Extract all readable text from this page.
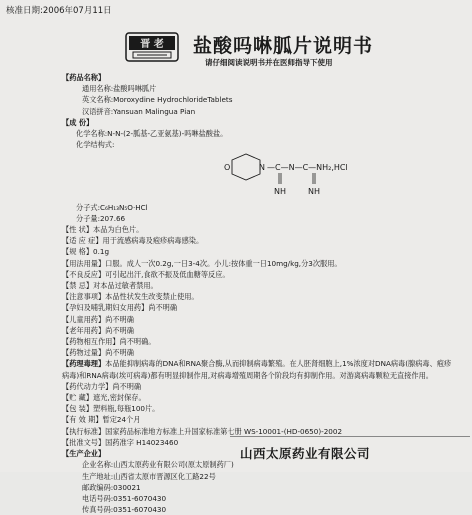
核准日期:2006年07月11日
晋 老 盐酸吗啉胍片说明书
请仔细阅读说明书并在医师指导下使用
【药品名称】
通用名称:盐酸吗啉胍片
英文名称:Moroxydine HydrochlorideTablets
汉语拼音:Yansuan Malingua Pian
【成 份】
化学名称:N-N-(2-胍基-乙亚氨基)-吗啉盐酸盐。
化学结构式:
O	N —C—N—C—NH₂,HCl
NH	NH
分子式:C₆H₁₃N₅O·HCl
分子量:207.66
【性 状】本品为白色片。
【适 应 症】用于流感病毒及疱疹病毒感染。
【规 格】0.1g
【用法用量】口服。成人一次0.2g,一日3-4次。小儿:按体重一日10mg/kg,分3次服用。
【不良反应】可引起出汗,食欲不振及低血糖等反应。
【禁 忌】对本品过敏者禁用。
【注意事项】本品性状发生改变禁止使用。
【孕妇及哺乳期妇女用药】尚不明确
【儿童用药】尚不明确
【老年用药】尚不明确
【药物相互作用】尚不明确。
【药物过量】尚不明确
【药理毒理】本品能抑制病毒的DNA和RNA聚合酶,从而抑制病毒繁殖。在人胚肾细胞上,1%浓度对DNA病毒(腺病毒、疱疹病毒)和RNA病毒(埃可病毒)都有明显抑制作用,对病毒增殖周期各个阶段均有抑制作用。对游离病毒颗粒无直接作用。
【药代动力学】尚不明确
【贮 藏】遮光,密封保存。
【包 装】塑料瓶,每瓶100片。
【有 效 期】暂定24个月
【执行标准】国家药品标准地方标准上升国家标准第七册 WS-10001-(HD-0650)-2002
【批准文号】国药准字 H14023460
【生产企业】
企业名称:山西太原药业有限公司(原太原制药厂)
生产地址:山西省太原市晋源区化工路22号
邮政编码:030021
电话号码:0351-6070430
传真号码:0351-6070430
山西太原药业有限公司
